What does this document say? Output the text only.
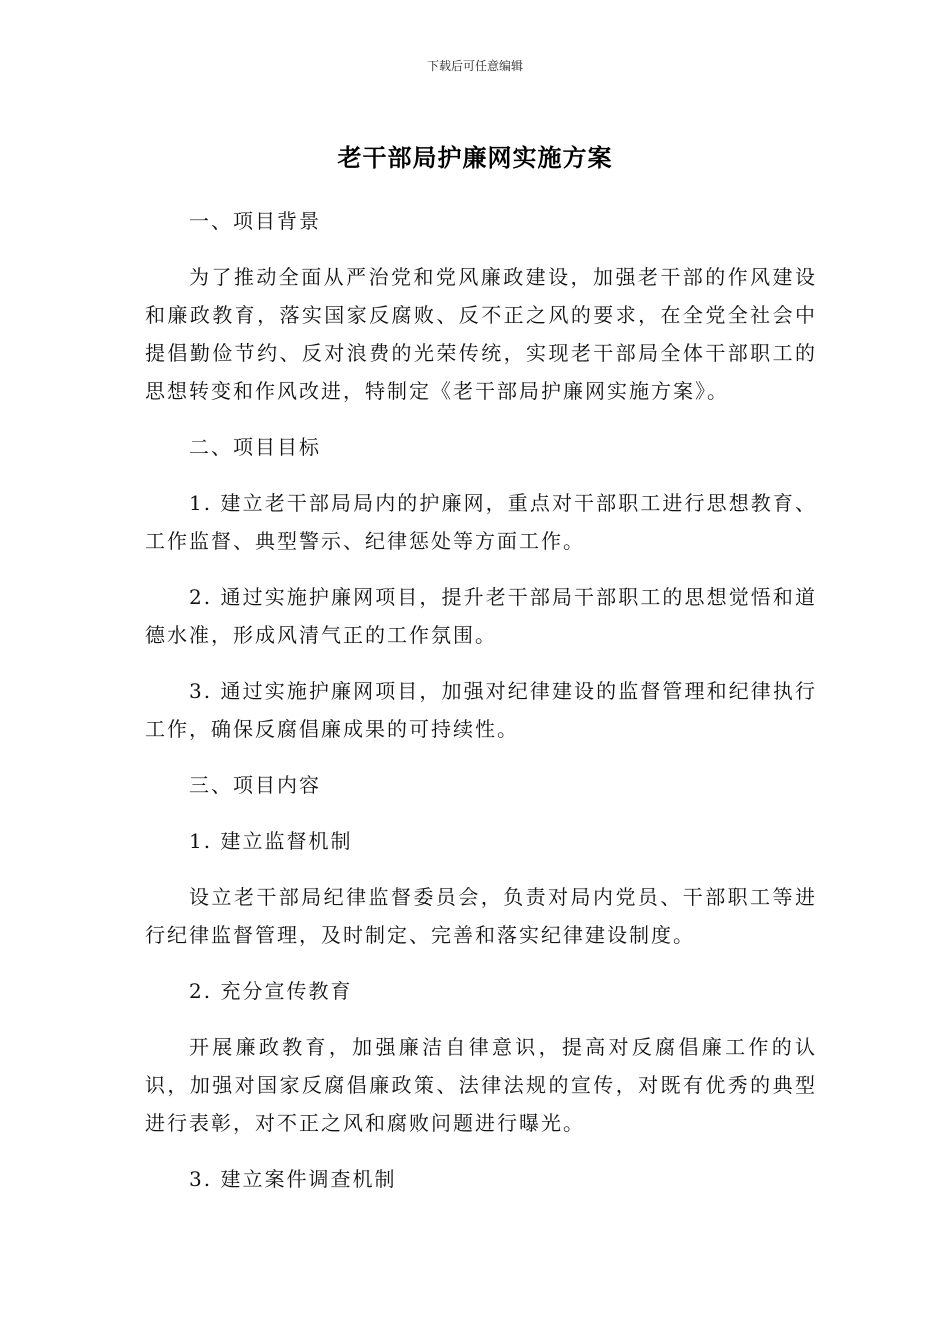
下载后可任意编辑
老干部局护廉网实施方案

一、项目背景

为了推动全面从严治党和党风廉政建设，加强老干部的作风建设和廉政教育，落实国家反腐败、反不正之风的要求，在全党全社会中提倡勤俭节约、反对浪费的光荣传统，实现老干部局全体干部职工的思想转变和作风改进，特制定《老干部局护廉网实施方案》。

二、项目目标

1. 建立老干部局局内的护廉网，重点对干部职工进行思想教育、工作监督、典型警示、纪律惩处等方面工作。

2. 通过实施护廉网项目，提升老干部局干部职工的思想觉悟和道德水准，形成风清气正的工作氛围。

3. 通过实施护廉网项目，加强对纪律建设的监督管理和纪律执行工作，确保反腐倡廉成果的可持续性。

三、项目内容

1. 建立监督机制

设立老干部局纪律监督委员会，负责对局内党员、干部职工等进行纪律监督管理，及时制定、完善和落实纪律建设制度。

2. 充分宣传教育

开展廉政教育，加强廉洁自律意识，提高对反腐倡廉工作的认识，加强对国家反腐倡廉政策、法律法规的宣传，对既有优秀的典型进行表彰，对不正之风和腐败问题进行曝光。

3. 建立案件调查机制
